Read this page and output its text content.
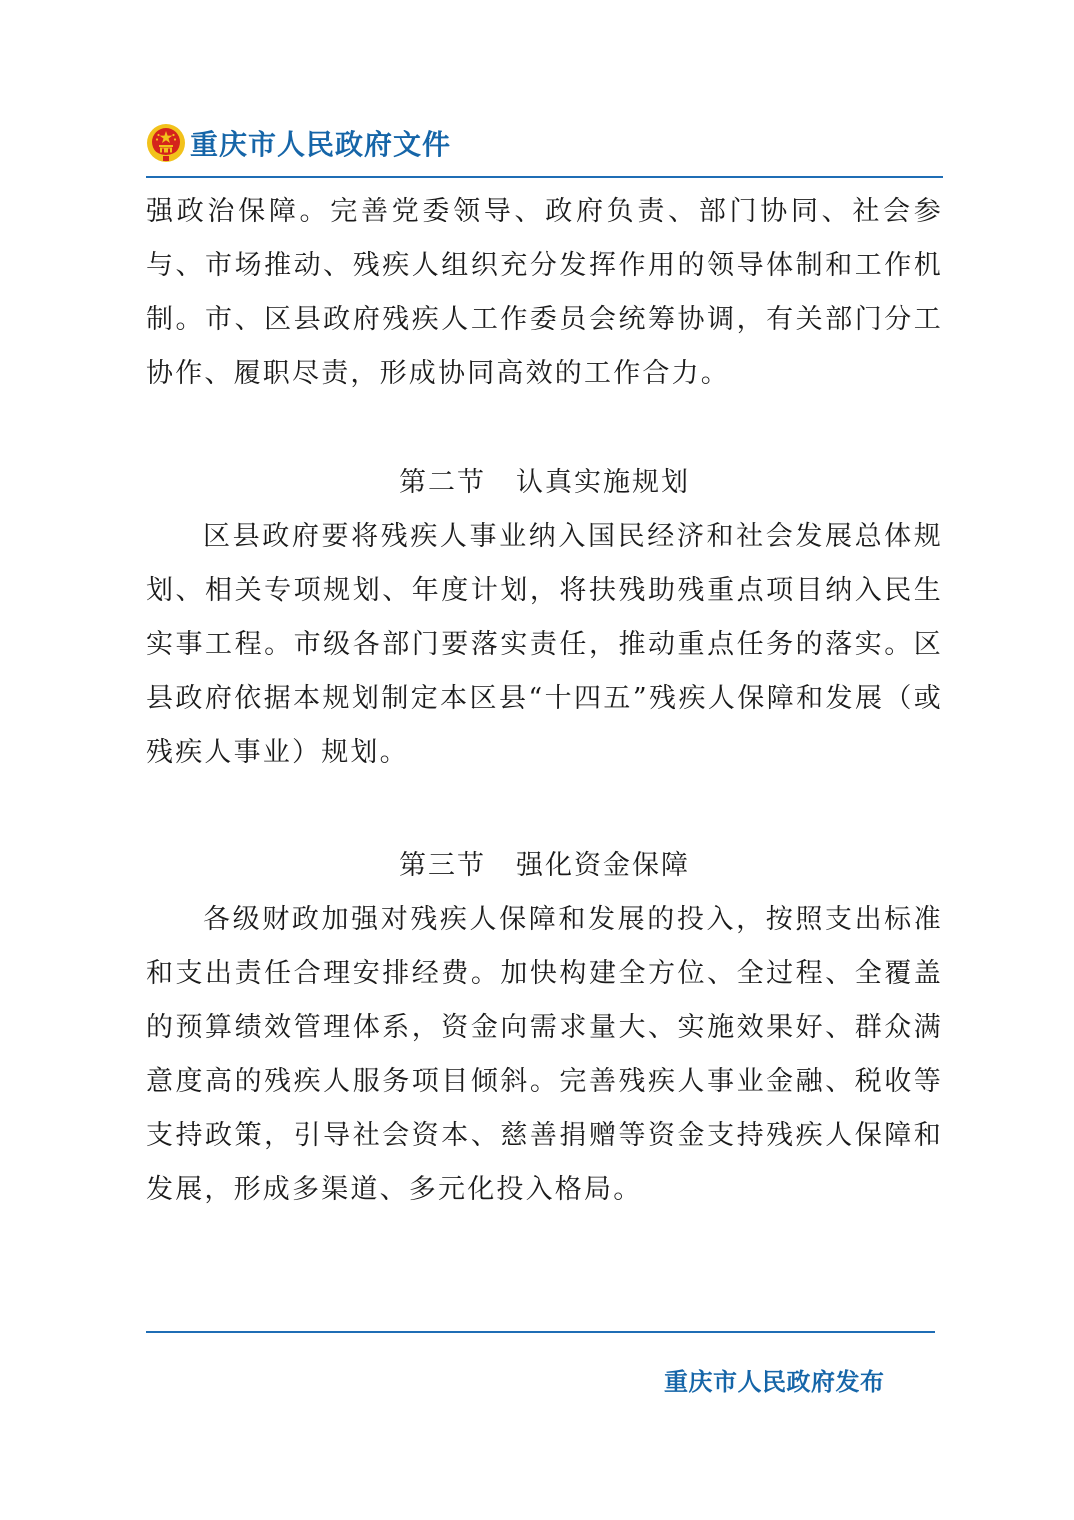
重庆市人民政府文件

强政治保障。完善党委领导、政府负责、部门协同、社会参与、市场推动、残疾人组织充分发挥作用的领导体制和工作机制。市、区县政府残疾人工作委员会统筹协调，有关部门分工协作、履职尽责，形成协同高效的工作合力。

第二节 认真实施规划

区县政府要将残疾人事业纳入国民经济和社会发展总体规划、相关专项规划、年度计划，将扶残助残重点项目纳入民生实事工程。市级各部门要落实责任，推动重点任务的落实。区县政府依据本规划制定本区县“十四五”残疾人保障和发展（或残疾人事业）规划。

第三节 强化资金保障

各级财政加强对残疾人保障和发展的投入，按照支出标准和支出责任合理安排经费。加快构建全方位、全过程、全覆盖的预算绩效管理体系，资金向需求量大、实施效果好、群众满意度高的残疾人服务项目倾斜。完善残疾人事业金融、税收等支持政策，引导社会资本、慈善捐赠等资金支持残疾人保障和发展，形成多渠道、多元化投入格局。

重庆市人民政府发布
